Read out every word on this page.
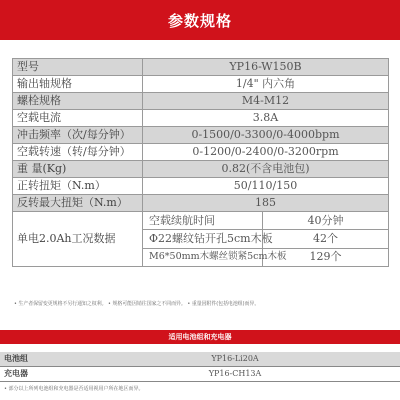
参数规格
型号	YP16-W150B	
输出轴规格	1/4" 内六角	
螺栓规格	M4-M12	
空载电流	3.8A	
冲击频率（次/每分钟）	0-1500/0-3300/0-4000bpm	
空载转速（转/每分钟）	0-1200/0-2400/0-3200rpm	
重 量(Kg)	0.82(不含电池包)	
正转扭矩（N.m）	50/110/150	
反转最大扭矩（N.m）	185	
单电2.0Ah工况数据	空载续航时间	40分钟
	Φ22螺纹钻开孔5cm木板	42个
	M6*50mm木螺丝锁紧5cm木板	129个
• 生产者保留变更规格不另行通知之权利。 • 规格可能因销往国家之不同而异。 • 重量因附件(包括电池组)而异。
适用电池组和充电器
电池组	YP16-Li20A
充电器	YP16-CH13A
• 部分以上所列电池组和充电器是否适用视用户所在地区而异。
